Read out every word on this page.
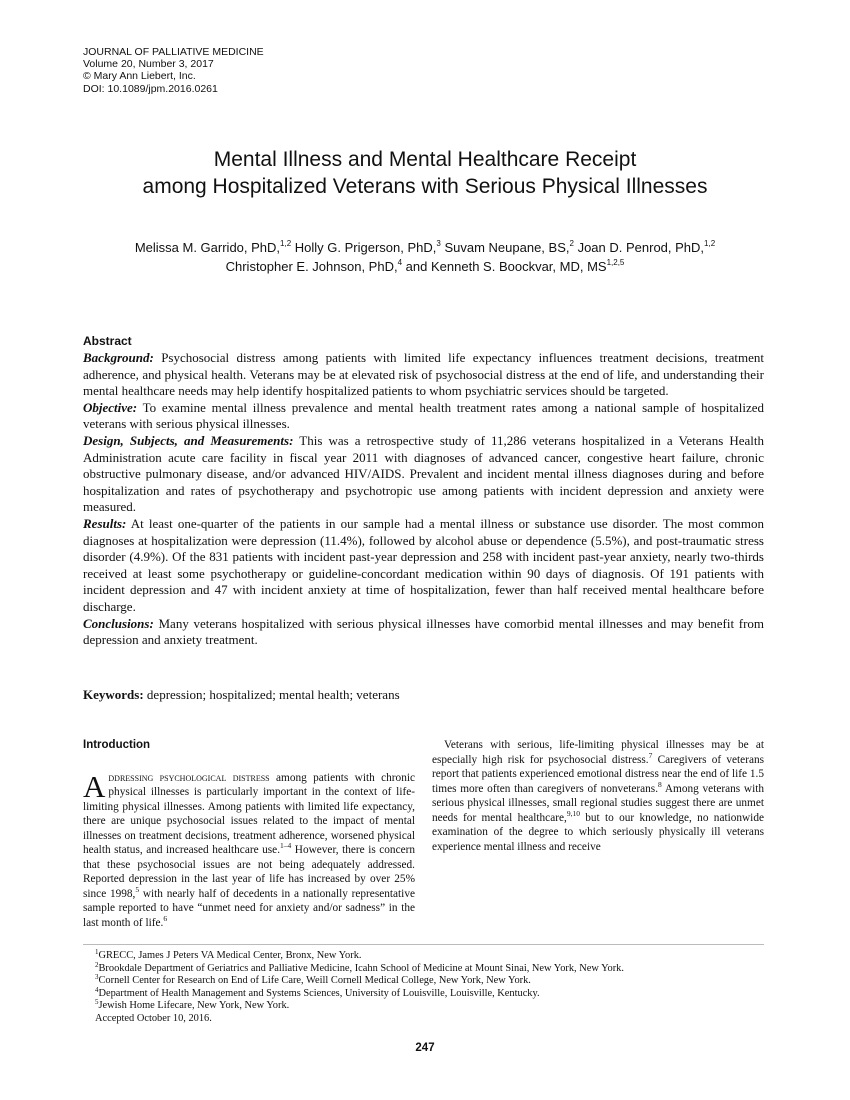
JOURNAL OF PALLIATIVE MEDICINE
Volume 20, Number 3, 2017
© Mary Ann Liebert, Inc.
DOI: 10.1089/jpm.2016.0261
Mental Illness and Mental Healthcare Receipt
among Hospitalized Veterans with Serious Physical Illnesses
Melissa M. Garrido, PhD,$^{1,2}$ Holly G. Prigerson, PhD,$^3$ Suvam Neupane, BS,$^2$ Joan D. Penrod, PhD,$^{1,2}$
Christopher E. Johnson, PhD,$^4$ and Kenneth S. Boockvar, MD, MS$^{1,2,5}$
Abstract

Background: Psychosocial distress among patients with limited life expectancy influences treatment decisions, treatment adherence, and physical health. Veterans may be at elevated risk of psychosocial distress at the end of life, and understanding their mental healthcare needs may help identify hospitalized patients to whom psychiatric services should be targeted.

Objective: To examine mental illness prevalence and mental health treatment rates among a national sample of hospitalized veterans with serious physical illnesses.

Design, Subjects, and Measurements: This was a retrospective study of 11,286 veterans hospitalized in a Veterans Health Administration acute care facility in fiscal year 2011 with diagnoses of advanced cancer, congestive heart failure, chronic obstructive pulmonary disease, and/or advanced HIV/AIDS. Prevalent and incident mental illness diagnoses during and before hospitalization and rates of psychotherapy and psychotropic use among patients with incident depression and anxiety were measured.

Results: At least one-quarter of the patients in our sample had a mental illness or substance use disorder. The most common diagnoses at hospitalization were depression (11.4%), followed by alcohol abuse or dependence (5.5%), and post-traumatic stress disorder (4.9%). Of the 831 patients with incident past-year depression and 258 with incident past-year anxiety, nearly two-thirds received at least some psychotherapy or guideline-concordant medication within 90 days of diagnosis. Of 191 patients with incident depression and 47 with incident anxiety at time of hospitalization, fewer than half received mental healthcare before discharge.

Conclusions: Many veterans hospitalized with serious physical illnesses have comorbid mental illnesses and may benefit from depression and anxiety treatment.

Keywords: depression; hospitalized; mental health; veterans
Introduction

Addressing psychological distress among patients with chronic physical illnesses is particularly important in the context of life-limiting physical illnesses. Among patients with limited life expectancy, there are unique psychosocial issues related to the impact of mental illnesses on treatment decisions, treatment adherence, worsened physical health status, and increased healthcare use.$^{1-4}$ However, there is concern that these psychosocial issues are not being adequately addressed. Reported depression in the last year of life has increased by over 25% since 1998,$^5$ with nearly half of decedents in a nationally representative sample reported to have “unmet need for anxiety and/or sadness” in the last month of life.$^6$

Veterans with serious, life-limiting physical illnesses may be at especially high risk for psychosocial distress.$^7$ Caregivers of veterans report that patients experienced emotional distress near the end of life 1.5 times more often than caregivers of nonveterans.$^8$ Among veterans with serious physical illnesses, small regional studies suggest there are unmet needs for mental healthcare,$^{9,10}$ but to our knowledge, no nationwide examination of the degree to which seriously physically ill veterans experience mental illness and receive

$^1$GRECC, James J Peters VA Medical Center, Bronx, New York.
$^2$Brookdale Department of Geriatrics and Palliative Medicine, Icahn School of Medicine at Mount Sinai, New York, New York.
$^3$Cornell Center for Research on End of Life Care, Weill Cornell Medical College, New York, New York.
$^4$Department of Health Management and Systems Sciences, University of Louisville, Louisville, Kentucky.
$^5$Jewish Home Lifecare, New York, New York.
Accepted October 10, 2016.
247
